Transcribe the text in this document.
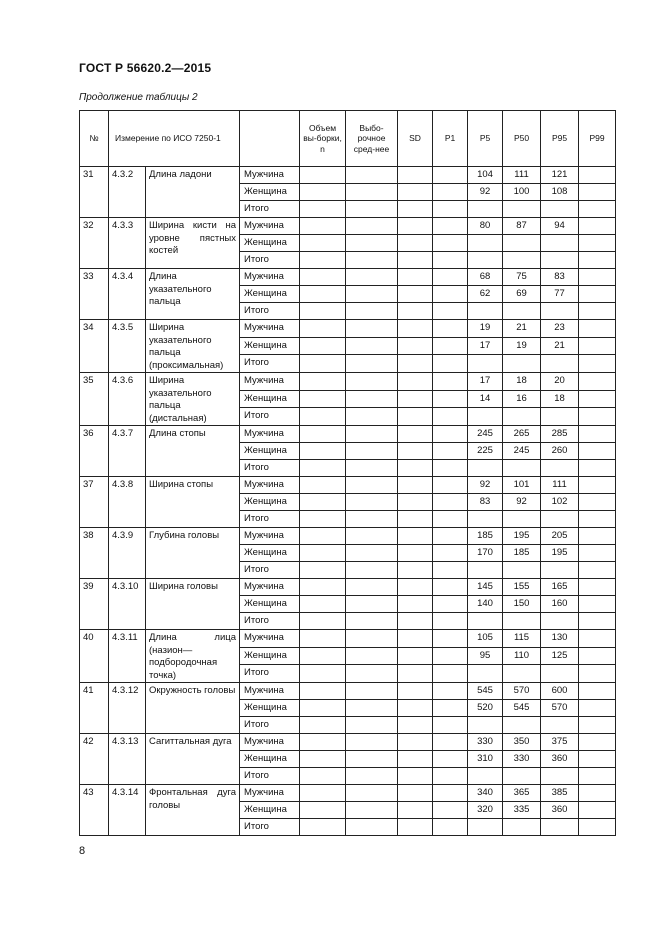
ГОСТ Р 56620.2—2015
Продолжение таблицы 2
№	Измерение по ИСО 7250-1			Объем вы-борки, n	Выбо-рочное сред-нее	SD	P1	P5	P50	P95	P99
31	4.3.2	Длина ладони	Мужчина					104	111	121	
			Женщина					92	100	108	
			Итого								
32	4.3.3	Ширина кисти на уровне пястных костей	Мужчина					80	87	94	
			Женщина								
			Итого								
33	4.3.4	Длина указательного пальца	Мужчина					68	75	83	
			Женщина					62	69	77	
			Итого								
34	4.3.5	Ширина указательного пальца (проксимальная)	Мужчина					19	21	23	
			Женщина					17	19	21	
			Итого								
35	4.3.6	Ширина указательного пальца (дистальная)	Мужчина					17	18	20	
			Женщина					14	16	18	
			Итого								
36	4.3.7	Длина стопы	Мужчина					245	265	285	
			Женщина					225	245	260	
			Итого								
37	4.3.8	Ширина стопы	Мужчина					92	101	111	
			Женщина					83	92	102	
			Итого								
38	4.3.9	Глубина головы	Мужчина					185	195	205	
			Женщина					170	185	195	
			Итого								
39	4.3.10	Ширина головы	Мужчина					145	155	165	
			Женщина					140	150	160	
			Итого								
40	4.3.11	Длина лица (назион—подбородочная точка)	Мужчина					105	115	130	
			Женщина					95	110	125	
			Итого								
41	4.3.12	Окружность головы	Мужчина					545	570	600	
			Женщина					520	545	570	
			Итого								
42	4.3.13	Сагиттальная дуга	Мужчина					330	350	375	
			Женщина					310	330	360	
			Итого								
43	4.3.14	Фронтальная дуга головы	Мужчина					340	365	385	
			Женщина					320	335	360	
			Итого								
8
